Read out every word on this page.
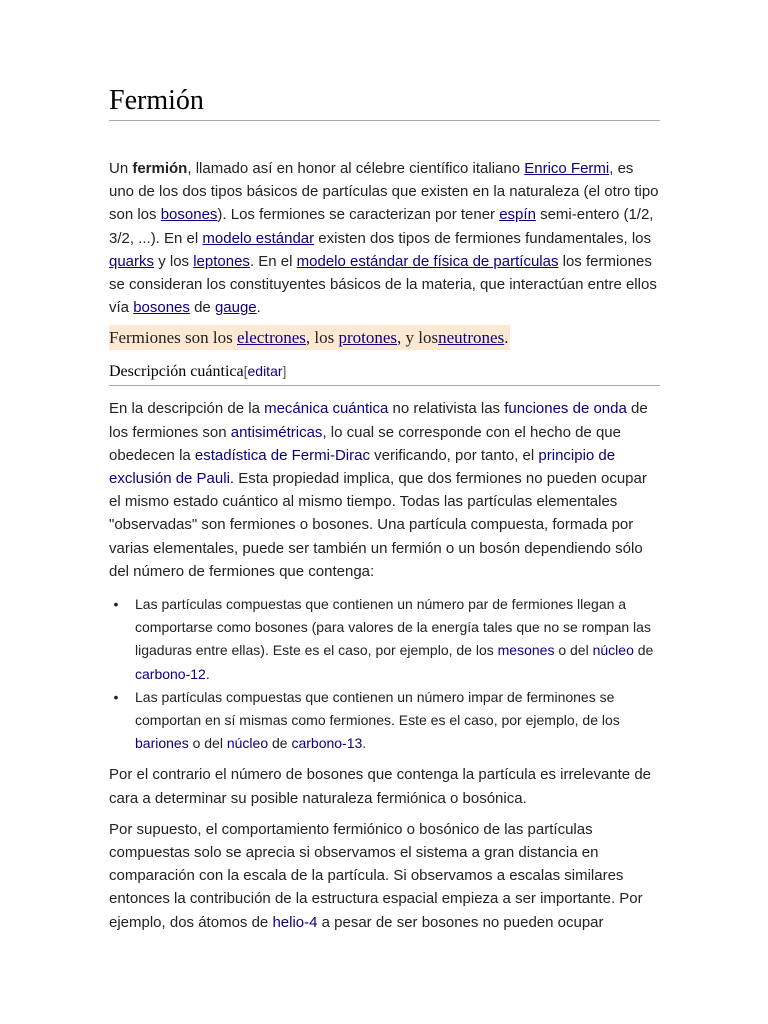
Fermión

Un fermión, llamado así en honor al célebre científico italiano Enrico Fermi, es uno de los dos tipos básicos de partículas que existen en la naturaleza (el otro tipo son los bosones). Los fermiones se caracterizan por tener espín semi-entero (1/2, 3/2, ...). En el modelo estándar existen dos tipos de fermiones fundamentales, los quarks y los leptones. En el modelo estándar de física de partículas los fermiones se consideran los constituyentes básicos de la materia, que interactúan entre ellos vía bosones de gauge.

Fermiones son los electrones, los protones, y losneutrones.

Descripción cuántica[editar]

En la descripción de la mecánica cuántica no relativista las funciones de onda de los fermiones son antisimétricas, lo cual se corresponde con el hecho de que obedecen la estadística de Fermi-Dirac verificando, por tanto, el principio de exclusión de Pauli. Esta propiedad implica, que dos fermiones no pueden ocupar el mismo estado cuántico al mismo tiempo. Todas las partículas elementales "observadas" son fermiones o bosones. Una partícula compuesta, formada por varias elementales, puede ser también un fermión o un bosón dependiendo sólo del número de fermiones que contenga:

• Las partículas compuestas que contienen un número par de fermiones llegan a comportarse como bosones (para valores de la energía tales que no se rompan las ligaduras entre ellas). Este es el caso, por ejemplo, de los mesones o del núcleo de carbono-12.
• Las partículas compuestas que contienen un número impar de ferminones se comportan en sí mismas como fermiones. Este es el caso, por ejemplo, de los bariones o del núcleo de carbono-13.

Por el contrario el número de bosones que contenga la partícula es irrelevante de cara a determinar su posible naturaleza fermiónica o bosónica.

Por supuesto, el comportamiento fermiónico o bosónico de las partículas compuestas solo se aprecia si observamos el sistema a gran distancia en comparación con la escala de la partícula. Si observamos a escalas similares entonces la contribución de la estructura espacial empieza a ser importante. Por ejemplo, dos átomos de helio-4 a pesar de ser bosones no pueden ocupar
